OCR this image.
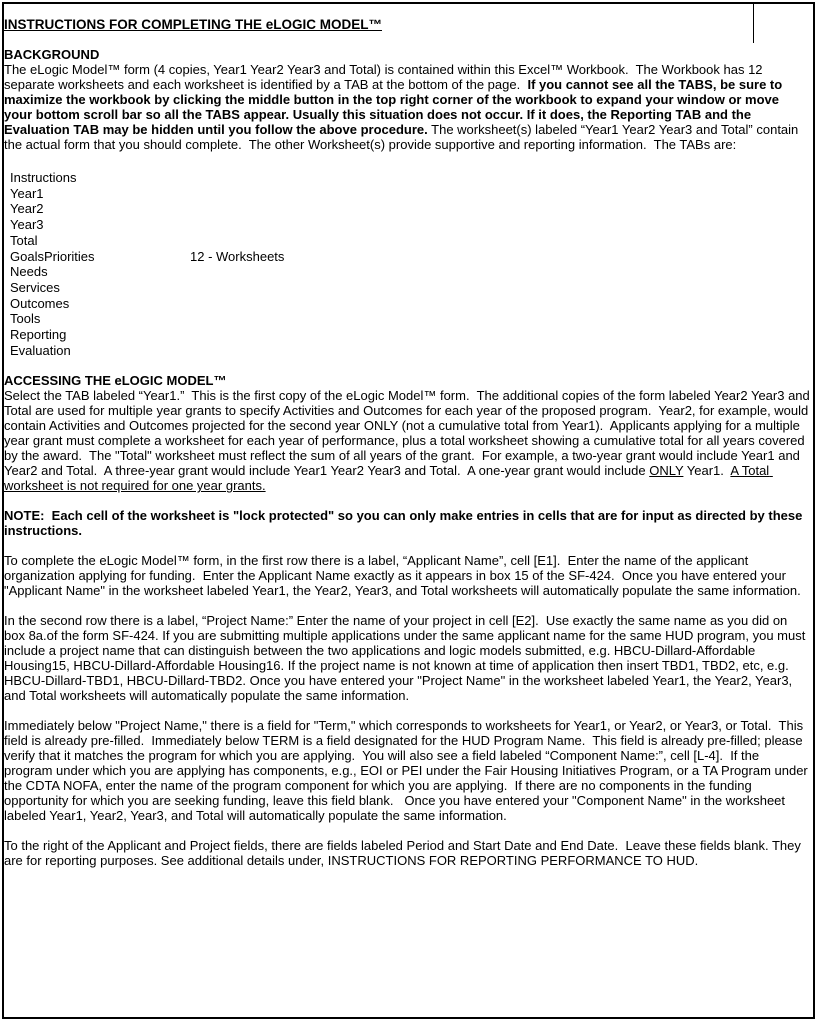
INSTRUCTIONS FOR COMPLETING THE eLOGIC MODEL™
BACKGROUND

The eLogic Model™ form (4 copies, Year1 Year2 Year3 and Total) is contained within this Excel™ Workbook.  The Workbook has 12 separate worksheets and each worksheet is identified by a TAB at the bottom of the page.  If you cannot see all the TABS, be sure to maximize the workbook by clicking the middle button in the top right corner of the workbook to expand your window or move your bottom scroll bar so all the TABS appear. Usually this situation does not occur. If it does, the Reporting TAB and the Evaluation TAB may be hidden until you follow the above procedure. The worksheet(s) labeled “Year1 Year2 Year3 and Total” contain the actual form that you should complete.  The other Worksheet(s) provide supportive and reporting information.  The TABs are:

Instructions
Year1
Year2
Year3
Total
GoalsPriorities	12 - Worksheets
Needs
Services
Outcomes
Tools
Reporting
Evaluation
ACCESSING THE eLOGIC MODEL™

Select the TAB labeled “Year1.”  This is the first copy of the eLogic Model™ form.  The additional copies of the form labeled Year2 Year3 and Total are used for multiple year grants to specify Activities and Outcomes for each year of the proposed program.  Year2, for example, would contain Activities and Outcomes projected for the second year ONLY (not a cumulative total from Year1).  Applicants applying for a multiple year grant must complete a worksheet for each year of performance, plus a total worksheet showing a cumulative total for all years covered by the award.  The "Total" worksheet must reflect the sum of all years of the grant.  For example, a two-year grant would include Year1 and Year2 and Total.  A three-year grant would include Year1 Year2 Year3 and Total.  A one-year grant would include ONLY Year1.  A Total worksheet is not required for one year grants.

NOTE:  Each cell of the worksheet is "lock protected" so you can only make entries in cells that are for input as directed by these instructions.

To complete the eLogic Model™ form, in the first row there is a label, “Applicant Name”, cell [E1].  Enter the name of the applicant organization applying for funding.  Enter the Applicant Name exactly as it appears in box 15 of the SF-424.  Once you have entered your "Applicant Name" in the worksheet labeled Year1, the Year2, Year3, and Total worksheets will automatically populate the same information.

In the second row there is a label, “Project Name:” Enter the name of your project in cell [E2].  Use exactly the same name as you did on box 8a.of the form SF-424. If you are submitting multiple applications under the same applicant name for the same HUD program, you must include a project name that can distinguish between the two applications and logic models submitted, e.g. HBCU-Dillard-Affordable Housing15, HBCU-Dillard-Affordable Housing16. If the project name is not known at time of application then insert TBD1, TBD2, etc, e.g. HBCU-Dillard-TBD1, HBCU-Dillard-TBD2. Once you have entered your "Project Name" in the worksheet labeled Year1, the Year2, Year3, and Total worksheets will automatically populate the same information.

Immediately below "Project Name," there is a field for "Term," which corresponds to worksheets for Year1, or Year2, or Year3, or Total.  This field is already pre-filled.  Immediately below TERM is a field designated for the HUD Program Name.  This field is already pre-filled; please verify that it matches the program for which you are applying.  You will also see a field labeled “Component Name:”, cell [L-4].  If the program under which you are applying has components, e.g., EOI or PEI under the Fair Housing Initiatives Program, or a TA Program under the CDTA NOFA, enter the name of the program component for which you are applying.  If there are no components in the funding opportunity for which you are seeking funding, leave this field blank.   Once you have entered your "Component Name" in the worksheet labeled Year1, Year2, Year3, and Total will automatically populate the same information.

To the right of the Applicant and Project fields, there are fields labeled Period and Start Date and End Date.  Leave these fields blank. They are for reporting purposes. See additional details under, INSTRUCTIONS FOR REPORTING PERFORMANCE TO HUD.
